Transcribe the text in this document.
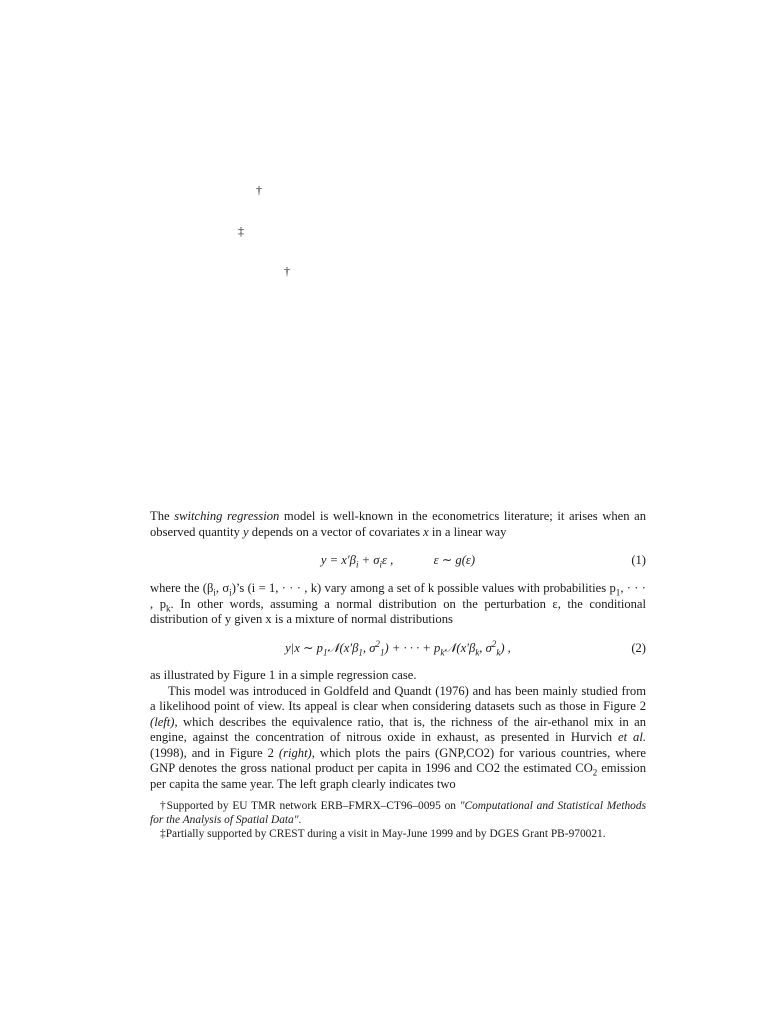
†
‡
†

The switching regression model is well-known in the econometrics literature; it arises when an observed quantity y depends on a vector of covariates x in a linear way

$y = x'\beta_i + \sigma_i\varepsilon$ ,	ε ∼ g(ε)	(1)

where the ($\beta_i$, $\sigma_i)’s$ (i = 1, · · · , k) vary among a set of k possible values with probabilities $p_1$, · · · , $p_k$. In other words, assuming a normal distribution on the perturbation ε, the conditional distribution of y given x is a mixture of normal distributions

y|x ∼ $p_1𝒩(x'\beta_1$, $\sigma^2_1$) + · · · + $p_k𝒩(x'\beta_k$, $\sigma^2_k$) ,	(2)

as illustrated by Figure 1 in a simple regression case.

This model was introduced in Goldfeld and Quandt (1976) and has been mainly studied from a likelihood point of view. Its appeal is clear when considering datasets such as those in Figure 2 (left), which describes the equivalence ratio, that is, the richness of the air-ethanol mix in an engine, against the concentration of nitrous oxide in exhaust, as presented in Hurvich et al. (1998), and in Figure 2 (right), which plots the pairs (GNP,CO2) for various countries, where GNP denotes the gross national product per capita in 1996 and CO2 the estimated $CO_2$ emission per capita the same year. The left graph clearly indicates two

†Supported by EU TMR network ERB–FMRX–CT96–0095 on "Computational and Statistical Methods for the Analysis of Spatial Data".

‡Partially supported by CREST during a visit in May-June 1999 and by DGES Grant PB-970021.
